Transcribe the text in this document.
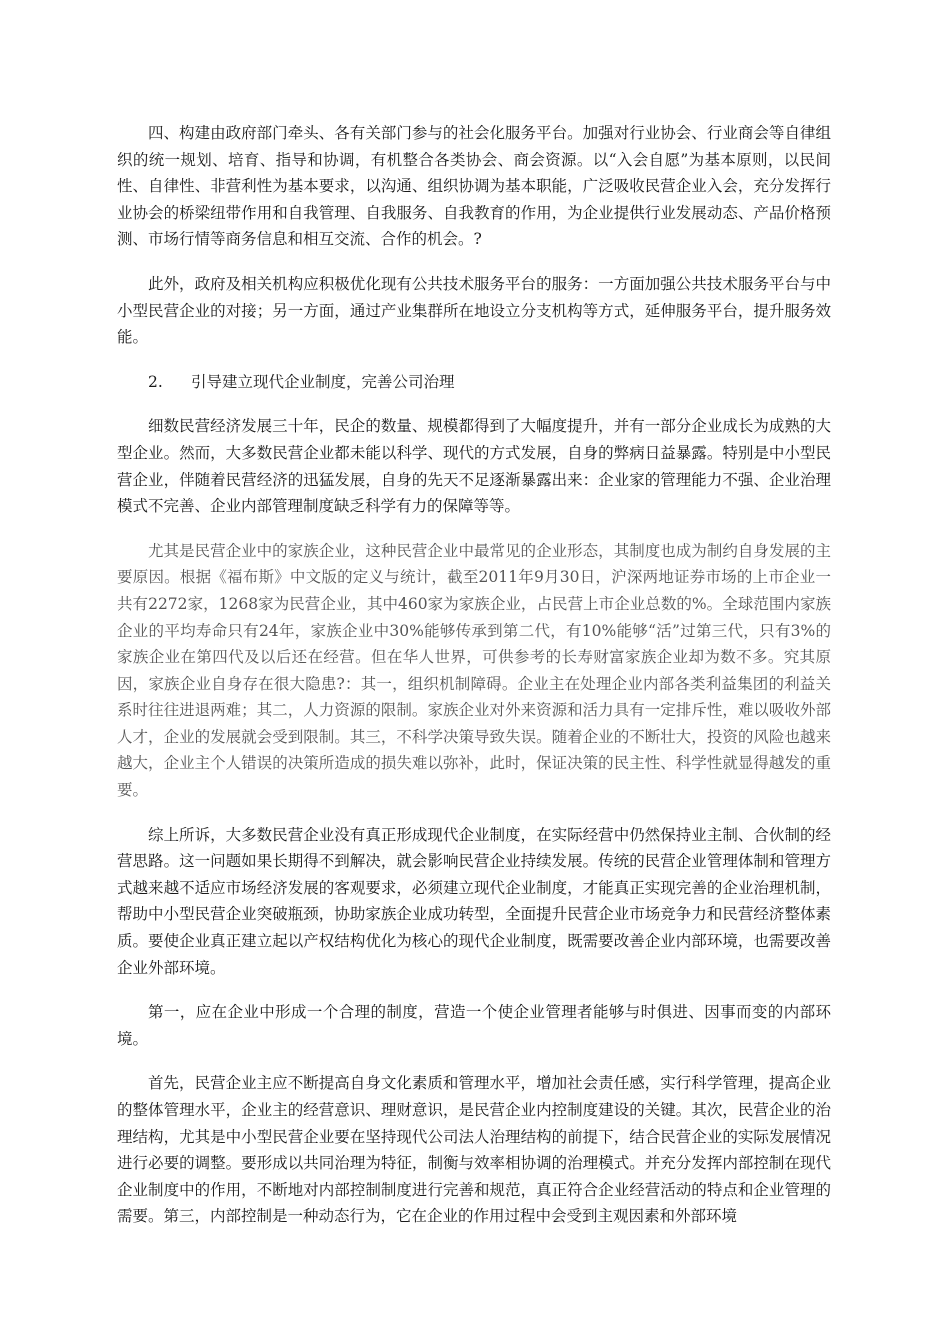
四、构建由政府部门牵头、各有关部门参与的社会化服务平台。加强对行业协会、行业商会等自律组织的统一规划、培育、指导和协调，有机整合各类协会、商会资源。以“入会自愿”为基本原则，以民间性、自律性、非营利性为基本要求，以沟通、组织协调为基本职能，广泛吸收民营企业入会，充分发挥行业协会的桥梁纽带作用和自我管理、自我服务、自我教育的作用，为企业提供行业发展动态、产品价格预测、市场行情等商务信息和相互交流、合作的机会。?

此外，政府及相关机构应积极优化现有公共技术服务平台的服务：一方面加强公共技术服务平台与中小型民营企业的对接；另一方面，通过产业集群所在地设立分支机构等方式，延伸服务平台，提升服务效能。

2. 引导建立现代企业制度，完善公司治理

细数民营经济发展三十年，民企的数量、规模都得到了大幅度提升，并有一部分企业成长为成熟的大型企业。然而，大多数民营企业都未能以科学、现代的方式发展，自身的弊病日益暴露。特别是中小型民营企业，伴随着民营经济的迅猛发展，自身的先天不足逐渐暴露出来：企业家的管理能力不强、企业治理模式不完善、企业内部管理制度缺乏科学有力的保障等等。

尤其是民营企业中的家族企业，这种民营企业中最常见的企业形态，其制度也成为制约自身发展的主要原因。根据《福布斯》中文版的定义与统计，截至2011年9月30日，沪深两地证券市场的上市企业一共有2272家，1268家为民营企业，其中460家为家族企业，占民营上市企业总数的%。全球范围内家族企业的平均寿命只有24年，家族企业中30%能够传承到第二代，有10%能够“活”过第三代，只有3%的家族企业在第四代及以后还在经营。但在华人世界，可供参考的长寿财富家族企业却为数不多。究其原因，家族企业自身存在很大隐患?：其一，组织机制障碍。企业主在处理企业内部各类利益集团的利益关系时往往进退两难；其二，人力资源的限制。家族企业对外来资源和活力具有一定排斥性，难以吸收外部人才，企业的发展就会受到限制。其三，不科学决策导致失误。随着企业的不断壮大，投资的风险也越来越大，企业主个人错误的决策所造成的损失难以弥补，此时，保证决策的民主性、科学性就显得越发的重要。

综上所诉，大多数民营企业没有真正形成现代企业制度，在实际经营中仍然保持业主制、合伙制的经营思路。这一问题如果长期得不到解决，就会影响民营企业持续发展。传统的民营企业管理体制和管理方式越来越不适应市场经济发展的客观要求，必须建立现代企业制度，才能真正实现完善的企业治理机制，帮助中小型民营企业突破瓶颈，协助家族企业成功转型，全面提升民营企业市场竞争力和民营经济整体素质。要使企业真正建立起以产权结构优化为核心的现代企业制度，既需要改善企业内部环境，也需要改善企业外部环境。

第一，应在企业中形成一个合理的制度，营造一个使企业管理者能够与时俱进、因事而变的内部环境。

首先，民营企业主应不断提高自身文化素质和管理水平，增加社会责任感，实行科学管理，提高企业的整体管理水平，企业主的经营意识、理财意识，是民营企业内控制度建设的关键。其次，民营企业的治理结构，尤其是中小型民营企业要在坚持现代公司法人治理结构的前提下，结合民营企业的实际发展情况进行必要的调整。要形成以共同治理为特征，制衡与效率相协调的治理模式。并充分发挥内部控制在现代企业制度中的作用，不断地对内部控制制度进行完善和规范，真正符合企业经营活动的特点和企业管理的需要。第三，内部控制是一种动态行为，它在企业的作用过程中会受到主观因素和外部环境
